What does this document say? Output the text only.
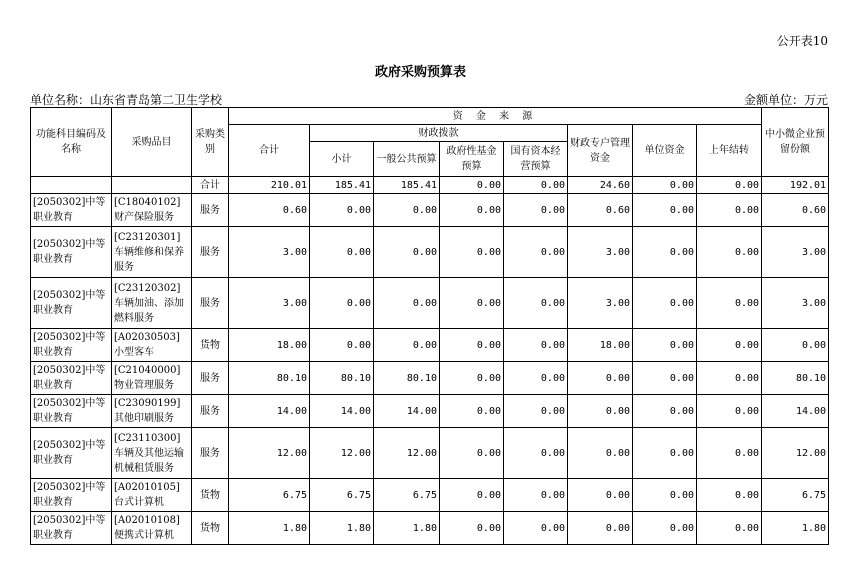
公开表10
政府采购预算表
单位名称：山东省青岛第二卫生学校	金额单位：万元
功能科目编码及名称	采购品目	采购类别	资 金 来 源								中小微企业预留份额
			合计	财政拨款				财政专户管理资金	单位资金	上年结转	
				小计	一般公共预算	政府性基金预算	国有资本经营预算				
		合计	210.01	185.41	185.41	0.00	0.00	24.60	0.00	0.00	192.01
[2050302]中等职业教育	[C18040102]财产保险服务	服务	0.60	0.00	0.00	0.00	0.00	0.60	0.00	0.00	0.60
[2050302]中等职业教育	[C23120301]车辆维修和保养服务	服务	3.00	0.00	0.00	0.00	0.00	3.00	0.00	0.00	3.00
[2050302]中等职业教育	[C23120302]车辆加油、添加燃料服务	服务	3.00	0.00	0.00	0.00	0.00	3.00	0.00	0.00	3.00
[2050302]中等职业教育	[A02030503]小型客车	货物	18.00	0.00	0.00	0.00	0.00	18.00	0.00	0.00	0.00
[2050302]中等职业教育	[C21040000]物业管理服务	服务	80.10	80.10	80.10	0.00	0.00	0.00	0.00	0.00	80.10
[2050302]中等职业教育	[C23090199]其他印刷服务	服务	14.00	14.00	14.00	0.00	0.00	0.00	0.00	0.00	14.00
[2050302]中等职业教育	[C23110300]车辆及其他运输机械租赁服务	服务	12.00	12.00	12.00	0.00	0.00	0.00	0.00	0.00	12.00
[2050302]中等职业教育	[A02010105]台式计算机	货物	6.75	6.75	6.75	0.00	0.00	0.00	0.00	0.00	6.75
[2050302]中等职业教育	[A02010108]便携式计算机	货物	1.80	1.80	1.80	0.00	0.00	0.00	0.00	0.00	1.80
